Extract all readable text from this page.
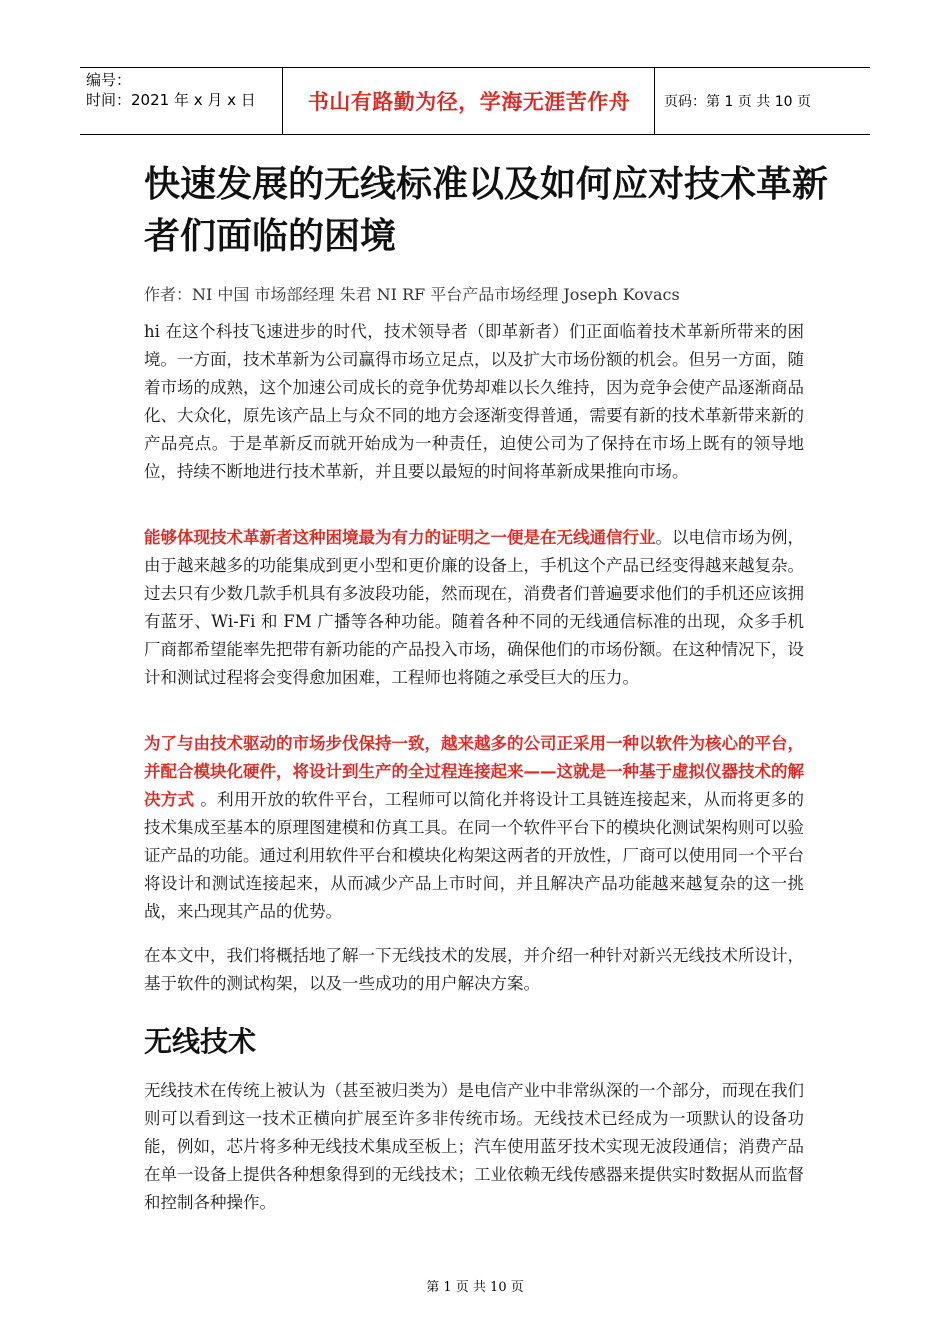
编号：
时间：2021 年 x 月 x 日	书山有路勤为径，学海无涯苦作舟	页码：第 1 页 共 10 页
快速发展的无线标准以及如何应对技术革新者们面临的困境
作者：NI 中国 市场部经理 朱君 NI RF 平台产品市场经理 Joseph Kovacs

hi 在这个科技飞速进步的时代，技术领导者（即革新者）们正面临着技术革新所带来的困境。一方面，技术革新为公司赢得市场立足点，以及扩大市场份额的机会。但另一方面，随着市场的成熟，这个加速公司成长的竞争优势却难以长久维持，因为竞争会使产品逐渐商品化、大众化，原先该产品上与众不同的地方会逐渐变得普通，需要有新的技术革新带来新的产品亮点。于是革新反而就开始成为一种责任，迫使公司为了保持在市场上既有的领导地位，持续不断地进行技术革新，并且要以最短的时间将革新成果推向市场。

能够体现技术革新者这种困境最为有力的证明之一便是在无线通信行业。以电信市场为例，由于越来越多的功能集成到更小型和更价廉的设备上，手机这个产品已经变得越来越复杂。过去只有少数几款手机具有多波段功能，然而现在，消费者们普遍要求他们的手机还应该拥有蓝牙、Wi-Fi 和 FM 广播等各种功能。随着各种不同的无线通信标准的出现，众多手机厂商都希望能率先把带有新功能的产品投入市场，确保他们的市场份额。在这种情况下，设计和测试过程将会变得愈加困难，工程师也将随之承受巨大的压力。

为了与由技术驱动的市场步伐保持一致，越来越多的公司正采用一种以软件为核心的平台，并配合模块化硬件，将设计到生产的全过程连接起来——这就是一种基于虚拟仪器技术的解决方式 。利用开放的软件平台，工程师可以简化并将设计工具链连接起来，从而将更多的技术集成至基本的原理图建模和仿真工具。在同一个软件平台下的模块化测试架构则可以验证产品的功能。通过利用软件平台和模块化构架这两者的开放性，厂商可以使用同一个平台将设计和测试连接起来，从而减少产品上市时间，并且解决产品功能越来越复杂的这一挑战，来凸现其产品的优势。

在本文中，我们将概括地了解一下无线技术的发展，并介绍一种针对新兴无线技术所设计，基于软件的测试构架，以及一些成功的用户解决方案。

无线技术

无线技术在传统上被认为（甚至被归类为）是电信产业中非常纵深的一个部分，而现在我们则可以看到这一技术正横向扩展至许多非传统市场。无线技术已经成为一项默认的设备功能，例如，芯片将多种无线技术集成至板上；汽车使用蓝牙技术实现无波段通信；消费产品在单一设备上提供各种想象得到的无线技术；工业依赖无线传感器来提供实时数据从而监督和控制各种操作。

第 1 页 共 10 页
